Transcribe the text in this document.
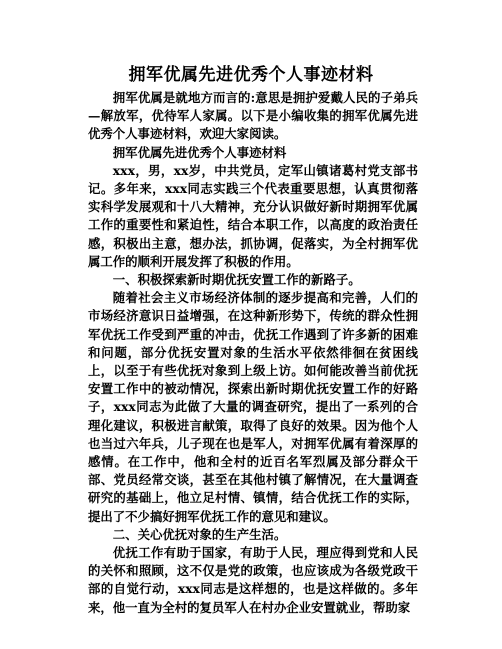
拥军优属先进优秀个人事迹材料

拥军优属是就地方而言的:意思是拥护爱戴人民的子弟兵—解放军，优待军人家属。以下是小编收集的拥军优属先进优秀个人事迹材料，欢迎大家阅读。

拥军优属先进优秀个人事迹材料

xxx，男，xx岁，中共党员，定军山镇诸葛村党支部书记。多年来，xxx同志实践三个代表重要思想，认真贯彻落实科学发展观和十八大精神，充分认识做好新时期拥军优属工作的重要性和紧迫性，结合本职工作，以高度的政治责任感，积极出主意，想办法，抓协调，促落实，为全村拥军优属工作的顺利开展发挥了积极的作用。

一、积极探索新时期优抚安置工作的新路子。

随着社会主义市场经济体制的逐步提高和完善，人们的市场经济意识日益增强，在这种新形势下，传统的群众性拥军优抚工作受到严重的冲击，优抚工作遇到了许多新的困难和问题，部分优抚安置对象的生活水平依然徘徊在贫困线上，以至于有些优抚对象到上级上访。如何能改善当前优抚安置工作中的被动情况，探索出新时期优抚安置工作的好路子，xxx同志为此做了大量的调查研究，提出了一系列的合理化建议，积极进言献策，取得了良好的效果。因为他个人也当过六年兵，儿子现在也是军人，对拥军优属有着深厚的感情。在工作中，他和全村的近百名军烈属及部分群众干部、党员经常交谈，甚至在其他村镇了解情况，在大量调查研究的基础上，他立足村情、镇情，结合优抚工作的实际，提出了不少搞好拥军优抚工作的意见和建议。

二、关心优抚对象的生产生活。

优抚工作有助于国家，有助于人民，理应得到党和人民的关怀和照顾，这不仅是党的政策，也应该成为各级党政干部的自觉行动，xxx同志是这样想的，也是这样做的。多年来，他一直为全村的复员军人在村办企业安置就业，帮助家
